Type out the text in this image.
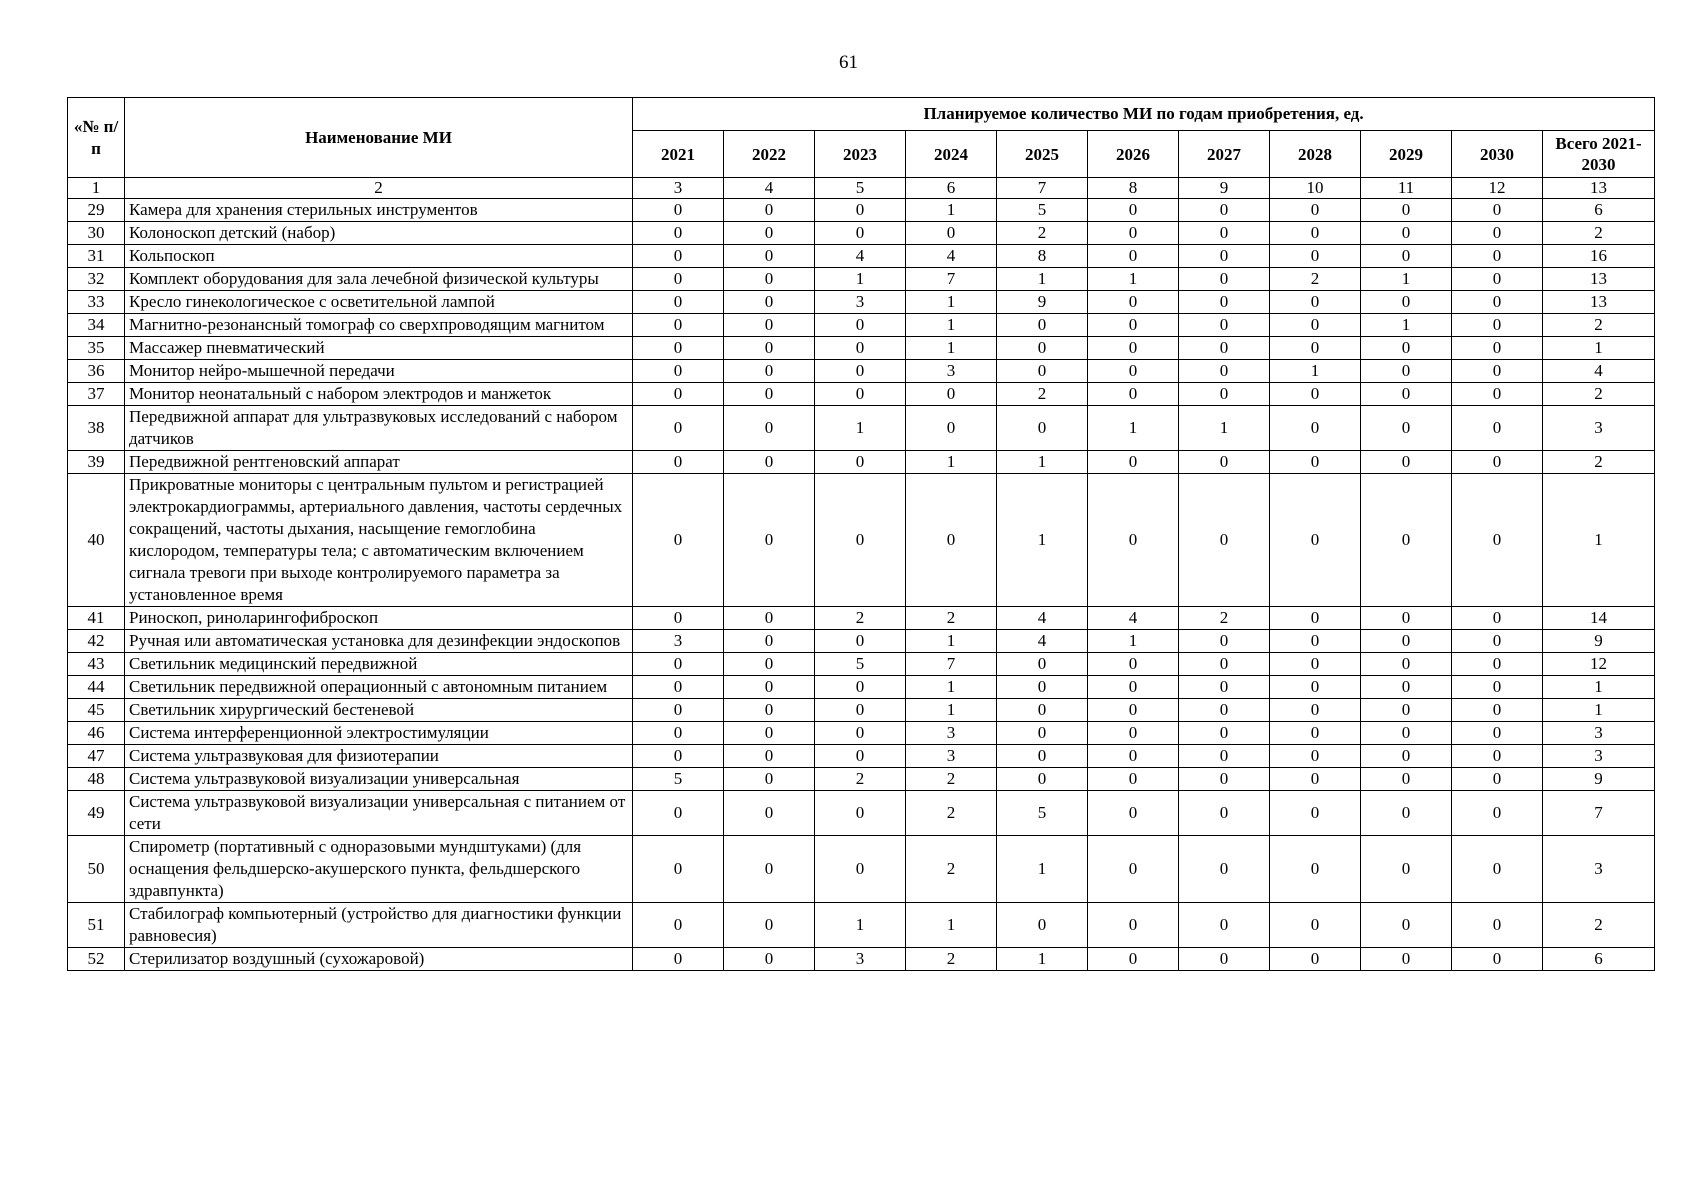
61
«№ п/п	Наименование МИ	Планируемое количество МИ по годам приобретения, ед.										
		2021	2022	2023	2024	2025	2026	2027	2028	2029	2030	Всего 2021-2030
1	2	3	4	5	6	7	8	9	10	11	12	13
29	Камера для хранения стерильных инструментов	0	0	0	1	5	0	0	0	0	0	6
30	Колоноскоп детский (набор)	0	0	0	0	2	0	0	0	0	0	2
31	Кольпоскоп	0	0	4	4	8	0	0	0	0	0	16
32	Комплект оборудования для зала лечебной физической культуры	0	0	1	7	1	1	0	2	1	0	13
33	Кресло гинекологическое с осветительной лампой	0	0	3	1	9	0	0	0	0	0	13
34	Магнитно-резонансный томограф со сверхпроводящим магнитом	0	0	0	1	0	0	0	0	1	0	2
35	Массажер пневматический	0	0	0	1	0	0	0	0	0	0	1
36	Монитор нейро-мышечной передачи	0	0	0	3	0	0	0	1	0	0	4
37	Монитор неонатальный с набором электродов и манжеток	0	0	0	0	2	0	0	0	0	0	2
38	Передвижной аппарат для ультразвуковых исследований с набором датчиков	0	0	1	0	0	1	1	0	0	0	3
39	Передвижной рентгеновский аппарат	0	0	0	1	1	0	0	0	0	0	2
40	Прикроватные мониторы с центральным пультом и регистрацией электрокардиограммы, артериального давления, частоты сердечных сокращений, частоты дыхания, насыщение гемоглобина кислородом, температуры тела; с автоматическим включением сигнала тревоги при выходе контролируемого параметра за установленное время	0	0	0	0	1	0	0	0	0	0	1
41	Риноскоп, риноларингофиброскоп	0	0	2	2	4	4	2	0	0	0	14
42	Ручная или автоматическая установка для дезинфекции эндоскопов	3	0	0	1	4	1	0	0	0	0	9
43	Светильник медицинский передвижной	0	0	5	7	0	0	0	0	0	0	12
44	Светильник передвижной операционный с автономным питанием	0	0	0	1	0	0	0	0	0	0	1
45	Светильник хирургический бестеневой	0	0	0	1	0	0	0	0	0	0	1
46	Система интерференционной электростимуляции	0	0	0	3	0	0	0	0	0	0	3
47	Система ультразвуковая для физиотерапии	0	0	0	3	0	0	0	0	0	0	3
48	Система ультразвуковой визуализации универсальная	5	0	2	2	0	0	0	0	0	0	9
49	Система ультразвуковой визуализации универсальная с питанием от сети	0	0	0	2	5	0	0	0	0	0	7
50	Спирометр (портативный с одноразовыми мундштуками) (для оснащения фельдшерско-акушерского пункта, фельдшерского здравпункта)	0	0	0	2	1	0	0	0	0	0	3
51	Стабилограф компьютерный (устройство для диагностики функции равновесия)	0	0	1	1	0	0	0	0	0	0	2
52	Стерилизатор воздушный (сухожаровой)	0	0	3	2	1	0	0	0	0	0	6
